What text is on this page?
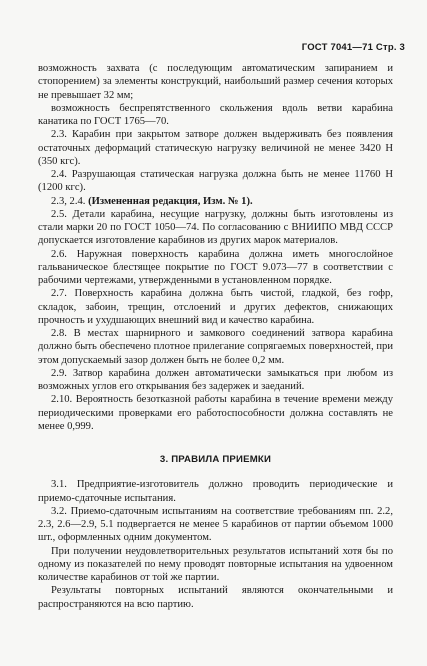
ГОСТ 7041—71 Стр. 3

возможность захвата (с последующим автоматическим запиранием и стопорением) за элементы конструкций, наибольший размер сечения которых не превышает 32 мм;

возможность беспрепятственного скольжения вдоль ветви карабина канатика по ГОСТ 1765—70.

2.3. Карабин при закрытом затворе должен выдерживать без появления остаточных деформаций статическую нагрузку величиной не менее 3420 Н (350 кгс).

2.4. Разрушающая статическая нагрузка должна быть не менее 11760 Н (1200 кгс).

2.3, 2.4. (Измененная редакция, Изм. № 1).

2.5. Детали карабина, несущие нагрузку, должны быть изготовлены из стали марки 20 по ГОСТ 1050—74. По согласованию с ВНИИПО МВД СССР допускается изготовление карабинов из других марок материалов.

2.6. Наружная поверхность карабина должна иметь многослойное гальваническое блестящее покрытие по ГОСТ 9.073—77 в соответствии с рабочими чертежами, утвержденными в установленном порядке.

2.7. Поверхность карабина должна быть чистой, гладкой, без гофр, складок, забоин, трещин, отслоений и других дефектов, снижающих прочность и ухудшающих внешний вид и качество карабина.

2.8. В местах шарнирного и замкового соединений затвора карабина должно быть обеспечено плотное прилегание сопрягаемых поверхностей, при этом допускаемый зазор должен быть не более 0,2 мм.

2.9. Затвор карабина должен автоматически замыкаться при любом из возможных углов его открывания без задержек и заеданий.

2.10. Вероятность безотказной работы карабина в течение времени между периодическими проверками его работоспособности должна составлять не менее 0,999.

3. ПРАВИЛА ПРИЕМКИ

3.1. Предприятие-изготовитель должно проводить периодические и приемо-сдаточные испытания.

3.2. Приемо-сдаточным испытаниям на соответствие требованиям пп. 2.2, 2.3, 2.6—2.9, 5.1 подвергается не менее 5 карабинов от партии объемом 1000 шт., оформленных одним документом.

При получении неудовлетворительных результатов испытаний хотя бы по одному из показателей по нему проводят повторные испытания на удвоенном количестве карабинов от той же партии.

Результаты повторных испытаний являются окончательными и распространяются на всю партию.
